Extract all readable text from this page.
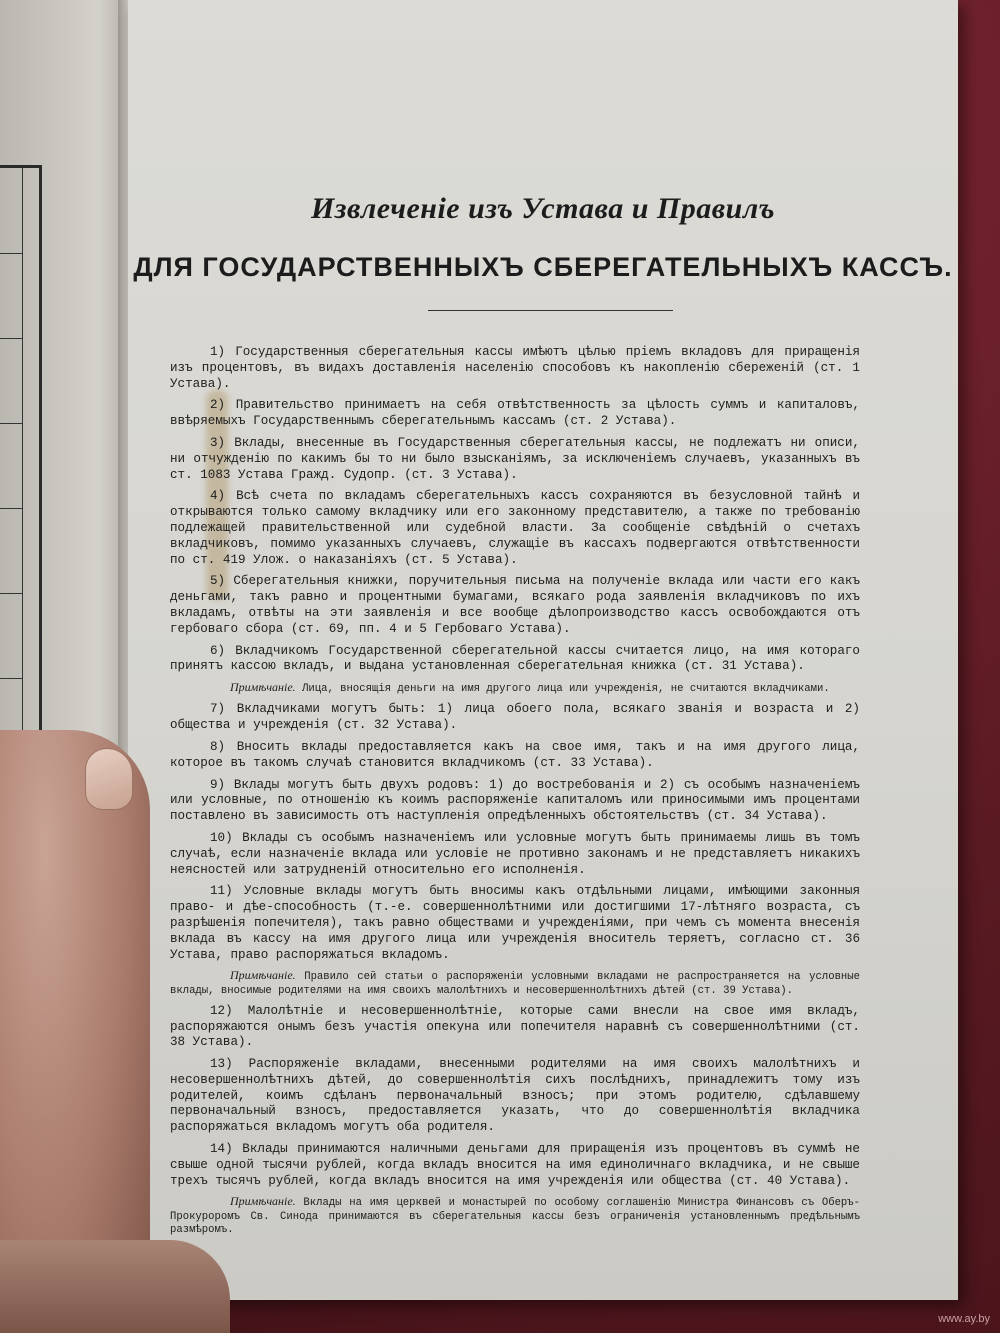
Извлеченіе изъ Устава и Правилъ
ДЛЯ ГОСУДАРСТВЕННЫХЪ СБЕРЕГАТЕЛЬНЫХЪ КАССЪ.

1) Государственныя сберегательныя кассы имѣютъ цѣлью пріемъ вкладовъ для приращенія изъ процентовъ, въ видахъ доставленія населенію способовъ къ накопленію сбереженій (ст. 1 Устава).

2) Правительство принимаетъ на себя отвѣтственность за цѣлость суммъ и капиталовъ, ввѣряемыхъ Государственнымъ сберегательнымъ кассамъ (ст. 2 Устава).

3) Вклады, внесенные въ Государственныя сберегательныя кассы, не подлежатъ ни описи, ни отчужденію по какимъ бы то ни было взысканіямъ, за исключеніемъ случаевъ, указанныхъ въ ст. 1083 Устава Гражд. Судопр. (ст. 3 Устава).

4) Всѣ счета по вкладамъ сберегательныхъ кассъ сохраняются въ безусловной тайнѣ и открываются только самому вкладчику или его законному представителю, а также по требованію подлежащей правительственной или судебной власти. За сообщеніе свѣдѣній о счетахъ вкладчиковъ, помимо указанныхъ случаевъ, служащіе въ кассахъ подвергаются отвѣтственности по ст. 419 Улож. о наказаніяхъ (ст. 5 Устава).

5) Сберегательныя книжки, поручительныя письма на полученіе вклада или части его какъ деньгами, такъ равно и процентными бумагами, всякаго рода заявленія вкладчиковъ по ихъ вкладамъ, отвѣты на эти заявленія и все вообще дѣлопроизводство кассъ освобождаются отъ гербоваго сбора (ст. 69, пп. 4 и 5 Гербоваго Устава).

6) Вкладчикомъ Государственной сберегательной кассы считается лицо, на имя котораго принятъ кассою вкладъ, и выдана установленная сберегательная книжка (ст. 31 Устава).

Примѣчаніе. Лица, вносящія деньги на имя другого лица или учрежденія, не считаются вкладчиками.

7) Вкладчиками могутъ быть: 1) лица обоего пола, всякаго званія и возраста и 2) общества и учрежденія (ст. 32 Устава).

8) Вносить вклады предоставляется какъ на свое имя, такъ и на имя другого лица, которое въ такомъ случаѣ становится вкладчикомъ (ст. 33 Устава).

9) Вклады могутъ быть двухъ родовъ: 1) до востребованія и 2) съ особымъ назначеніемъ или условные, по отношенію къ коимъ распоряженіе капиталомъ или приносимыми имъ процентами поставлено въ зависимость отъ наступленія опредѣленныхъ обстоятельствъ (ст. 34 Устава).

10) Вклады съ особымъ назначеніемъ или условные могутъ быть принимаемы лишь въ томъ случаѣ, если назначеніе вклада или условіе не противно законамъ и не представляетъ никакихъ неясностей или затрудненій относительно его исполненія.

11) Условные вклады могутъ быть вносимы какъ отдѣльными лицами, имѣющими законныя право- и дѣе-способность (т.-е. совершеннолѣтними или достигшими 17-лѣтняго возраста, съ разрѣшенія попечителя), такъ равно обществами и учрежденіями, при чемъ съ момента внесенія вклада въ кассу на имя другого лица или учрежденія вноситель теряетъ, согласно ст. 36 Устава, право распоряжаться вкладомъ.

Примѣчаніе. Правило сей статьи о распоряженіи условными вкладами не распространяется на условные вклады, вносимые родителями на имя своихъ малолѣтнихъ и несовершеннолѣтнихъ дѣтей (ст. 39 Устава).

12) Малолѣтніе и несовершеннолѣтніе, которые сами внесли на свое имя вкладъ, распоряжаются онымъ безъ участія опекуна или попечителя наравнѣ съ совершеннолѣтними (ст. 38 Устава).

13) Распоряженіе вкладами, внесенными родителями на имя своихъ малолѣтнихъ и несовершеннолѣтнихъ дѣтей, до совершеннолѣтія сихъ послѣднихъ, принадлежитъ тому изъ родителей, коимъ сдѣланъ первоначальный взносъ; при этомъ родителю, сдѣлавшему первоначальный взносъ, предоставляется указать, что до совершеннолѣтія вкладчика распоряжаться вкладомъ могутъ оба родителя.

14) Вклады принимаются наличными деньгами для приращенія изъ процентовъ въ суммѣ не свыше одной тысячи рублей, когда вкладъ вносится на имя единоличнаго вкладчика, и не свыше трехъ тысячъ рублей, когда вкладъ вносится на имя учрежденія или общества (ст. 40 Устава).

Примѣчаніе. Вклады на имя церквей и монастырей по особому соглашенію Министра Финансовъ съ Оберъ-Прокуроромъ Св. Синода принимаются въ сберегательныя кассы безъ ограниченія установленнымъ предѣльнымъ размѣромъ.

www.ay.by
